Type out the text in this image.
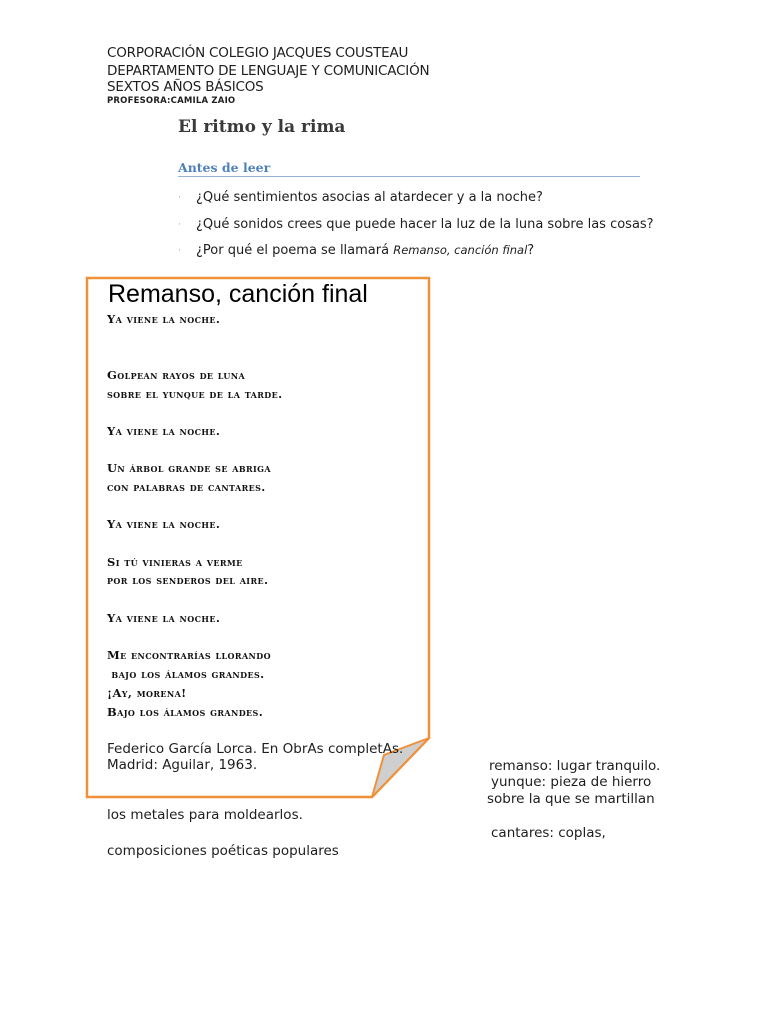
CORPORACIÓN COLEGIO JACQUES COUSTEAU
DEPARTAMENTO DE LENGUAJE Y COMUNICACIÓN
SEXTOS AÑOS BÁSICOS
PROFESORA:CAMILA ZAIO
El ritmo y la rima
Antes de leer
· ¿Qué sentimientos asocias al atardecer y a la noche?
· ¿Qué sonidos crees que puede hacer la luz de la luna sobre las cosas?
· ¿Por qué el poema se llamará Remanso, canción final?
Remanso, canción final
Ya viene la noche.
Golpean rayos de luna
sobre el yunque de la tarde.
Ya viene la noche.
Un árbol grande se abriga
con palabras de cantares.
Ya viene la noche.
Si tú vinieras a verme
por los senderos del aire.
Ya viene la noche.
Me encontrarías llorando
bajo los álamos grandes.
¡Ay, morena!
Bajo los álamos grandes.
Federico García Lorca. En ObrAs completAs.
Madrid: Aguilar, 1963.	remanso: lugar tranquilo.
yunque: pieza de hierro
sobre la que se martillan
los metales para moldearlos.
cantares: coplas,
composiciones poéticas populares
